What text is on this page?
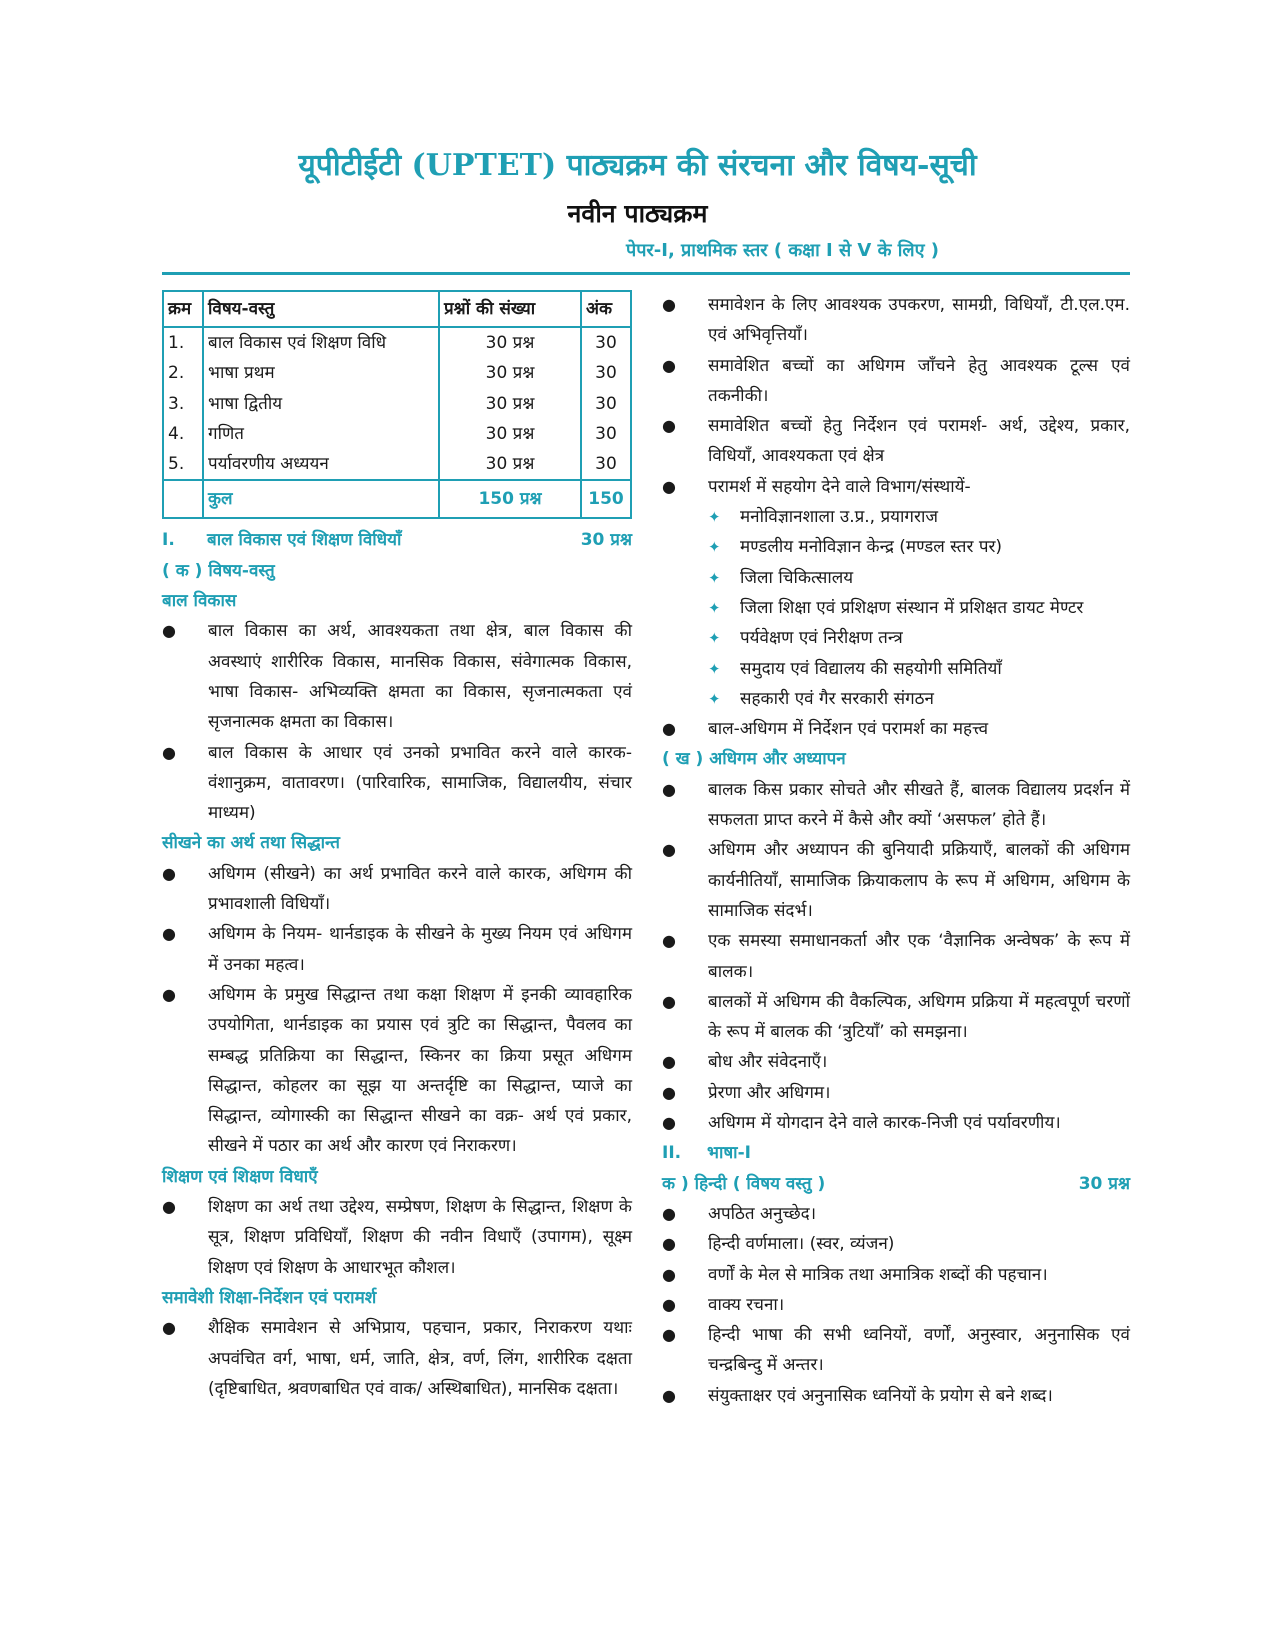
यूपीटीईटी (UPTET) पाठ्यक्रम की संरचना और विषय-सूची
नवीन पाठ्यक्रम
पेपर-I, प्राथमिक स्तर ( कक्षा I से V के लिए )
क्रम	विषय-वस्तु	प्रश्नों की संख्या	अंक
1.	बाल विकास एवं शिक्षण विधि	30 प्रश्न	30
2.	भाषा प्रथम	30 प्रश्न	30
3.	भाषा द्वितीय	30 प्रश्न	30
4.	गणित	30 प्रश्न	30
5.	पर्यावरणीय अध्ययन	30 प्रश्न	30
	कुल	150 प्रश्न	150
I. बाल विकास एवं शिक्षण विधियाँ	30 प्रश्न
( क ) विषय-वस्तु
बाल विकास
●	बाल विकास का अर्थ, आवश्यकता तथा क्षेत्र, बाल विकास की अवस्थाएं शारीरिक विकास, मानसिक विकास, संवेगात्मक विकास, भाषा विकास- अभिव्यक्ति क्षमता का विकास, सृजनात्मकता एवं सृजनात्मक क्षमता का विकास।
●	बाल विकास के आधार एवं उनको प्रभावित करने वाले कारक- वंशानुक्रम, वातावरण। (पारिवारिक, सामाजिक, विद्यालयीय, संचार माध्यम)
सीखने का अर्थ तथा सिद्धान्त
●	अधिगम (सीखने) का अर्थ प्रभावित करने वाले कारक, अधिगम की प्रभावशाली विधियाँ।
●	अधिगम के नियम- थार्नडाइक के सीखने के मुख्य नियम एवं अधिगम में उनका महत्व।
●	अधिगम के प्रमुख सिद्धान्त तथा कक्षा शिक्षण में इनकी व्यावहारिक उपयोगिता, थार्नडाइक का प्रयास एवं त्रुटि का सिद्धान्त, पैवलव का सम्बद्ध प्रतिक्रिया का सिद्धान्त, स्किनर का क्रिया प्रसूत अधिगम सिद्धान्त, कोहलर का सूझ या अन्तर्दृष्टि का सिद्धान्त, प्याजे का सिद्धान्त, व्योगास्की का सिद्धान्त सीखने का वक्र- अर्थ एवं प्रकार, सीखने में पठार का अर्थ और कारण एवं निराकरण।
शिक्षण एवं शिक्षण विधाएँ
●	शिक्षण का अर्थ तथा उद्देश्य, सम्प्रेषण, शिक्षण के सिद्धान्त, शिक्षण के सूत्र, शिक्षण प्रविधियाँ, शिक्षण की नवीन विधाएँ (उपागम), सूक्ष्म शिक्षण एवं शिक्षण के आधारभूत कौशल।
समावेशी शिक्षा-निर्देशन एवं परामर्श
●	शैक्षिक समावेशन से अभिप्राय, पहचान, प्रकार, निराकरण यथाः अपवंचित वर्ग, भाषा, धर्म, जाति, क्षेत्र, वर्ण, लिंग, शारीरिक दक्षता (दृष्टिबाधित, श्रवणबाधित एवं वाक/ अस्थिबाधित), मानसिक दक्षता।
●	समावेशन के लिए आवश्यक उपकरण, सामग्री, विधियाँ, टी.एल.एम. एवं अभिवृत्तियाँ।
●	समावेशित बच्चों का अधिगम जाँचने हेतु आवश्यक टूल्स एवं तकनीकी।
●	समावेशित बच्चों हेतु निर्देशन एवं परामर्श- अर्थ, उद्देश्य, प्रकार, विधियाँ, आवश्यकता एवं क्षेत्र
●	परामर्श में सहयोग देने वाले विभाग/संस्थायें-
✦	मनोविज्ञानशाला उ.प्र., प्रयागराज
✦	मण्डलीय मनोविज्ञान केन्द्र (मण्डल स्तर पर)
✦	जिला चिकित्सालय
✦	जिला शिक्षा एवं प्रशिक्षण संस्थान में प्रशिक्षत डायट मेण्टर
✦	पर्यवेक्षण एवं निरीक्षण तन्त्र
✦	समुदाय एवं विद्यालय की सहयोगी समितियाँ
✦	सहकारी एवं गैर सरकारी संगठन
●	बाल-अधिगम में निर्देशन एवं परामर्श का महत्त्व
( ख ) अधिगम और अध्यापन
●	बालक किस प्रकार सोचते और सीखते हैं, बालक विद्यालय प्रदर्शन में सफलता प्राप्त करने में कैसे और क्यों ‘असफल’ होते हैं।
●	अधिगम और अध्यापन की बुनियादी प्रक्रियाएँ, बालकों की अधिगम कार्यनीतियाँ, सामाजिक क्रियाकलाप के रूप में अधिगम, अधिगम के सामाजिक संदर्भ।
●	एक समस्या समाधानकर्ता और एक ‘वैज्ञानिक अन्वेषक’ के रूप में बालक।
●	बालकों में अधिगम की वैकल्पिक, अधिगम प्रक्रिया में महत्वपूर्ण चरणों के रूप में बालक की ‘त्रुटियाँ’ को समझना।
●	बोध और संवेदनाएँ।
●	प्रेरणा और अधिगम।
●	अधिगम में योगदान देने वाले कारक-निजी एवं पर्यावरणीय।
II. भाषा-I
क ) हिन्दी ( विषय वस्तु )	30 प्रश्न
●	अपठित अनुच्छेद।
●	हिन्दी वर्णमाला। (स्वर, व्यंजन)
●	वर्णों के मेल से मात्रिक तथा अमात्रिक शब्दों की पहचान।
●	वाक्य रचना।
●	हिन्दी भाषा की सभी ध्वनियों, वर्णों, अनुस्वार, अनुनासिक एवं चन्द्रबिन्दु में अन्तर।
●	संयुक्ताक्षर एवं अनुनासिक ध्वनियों के प्रयोग से बने शब्द।
